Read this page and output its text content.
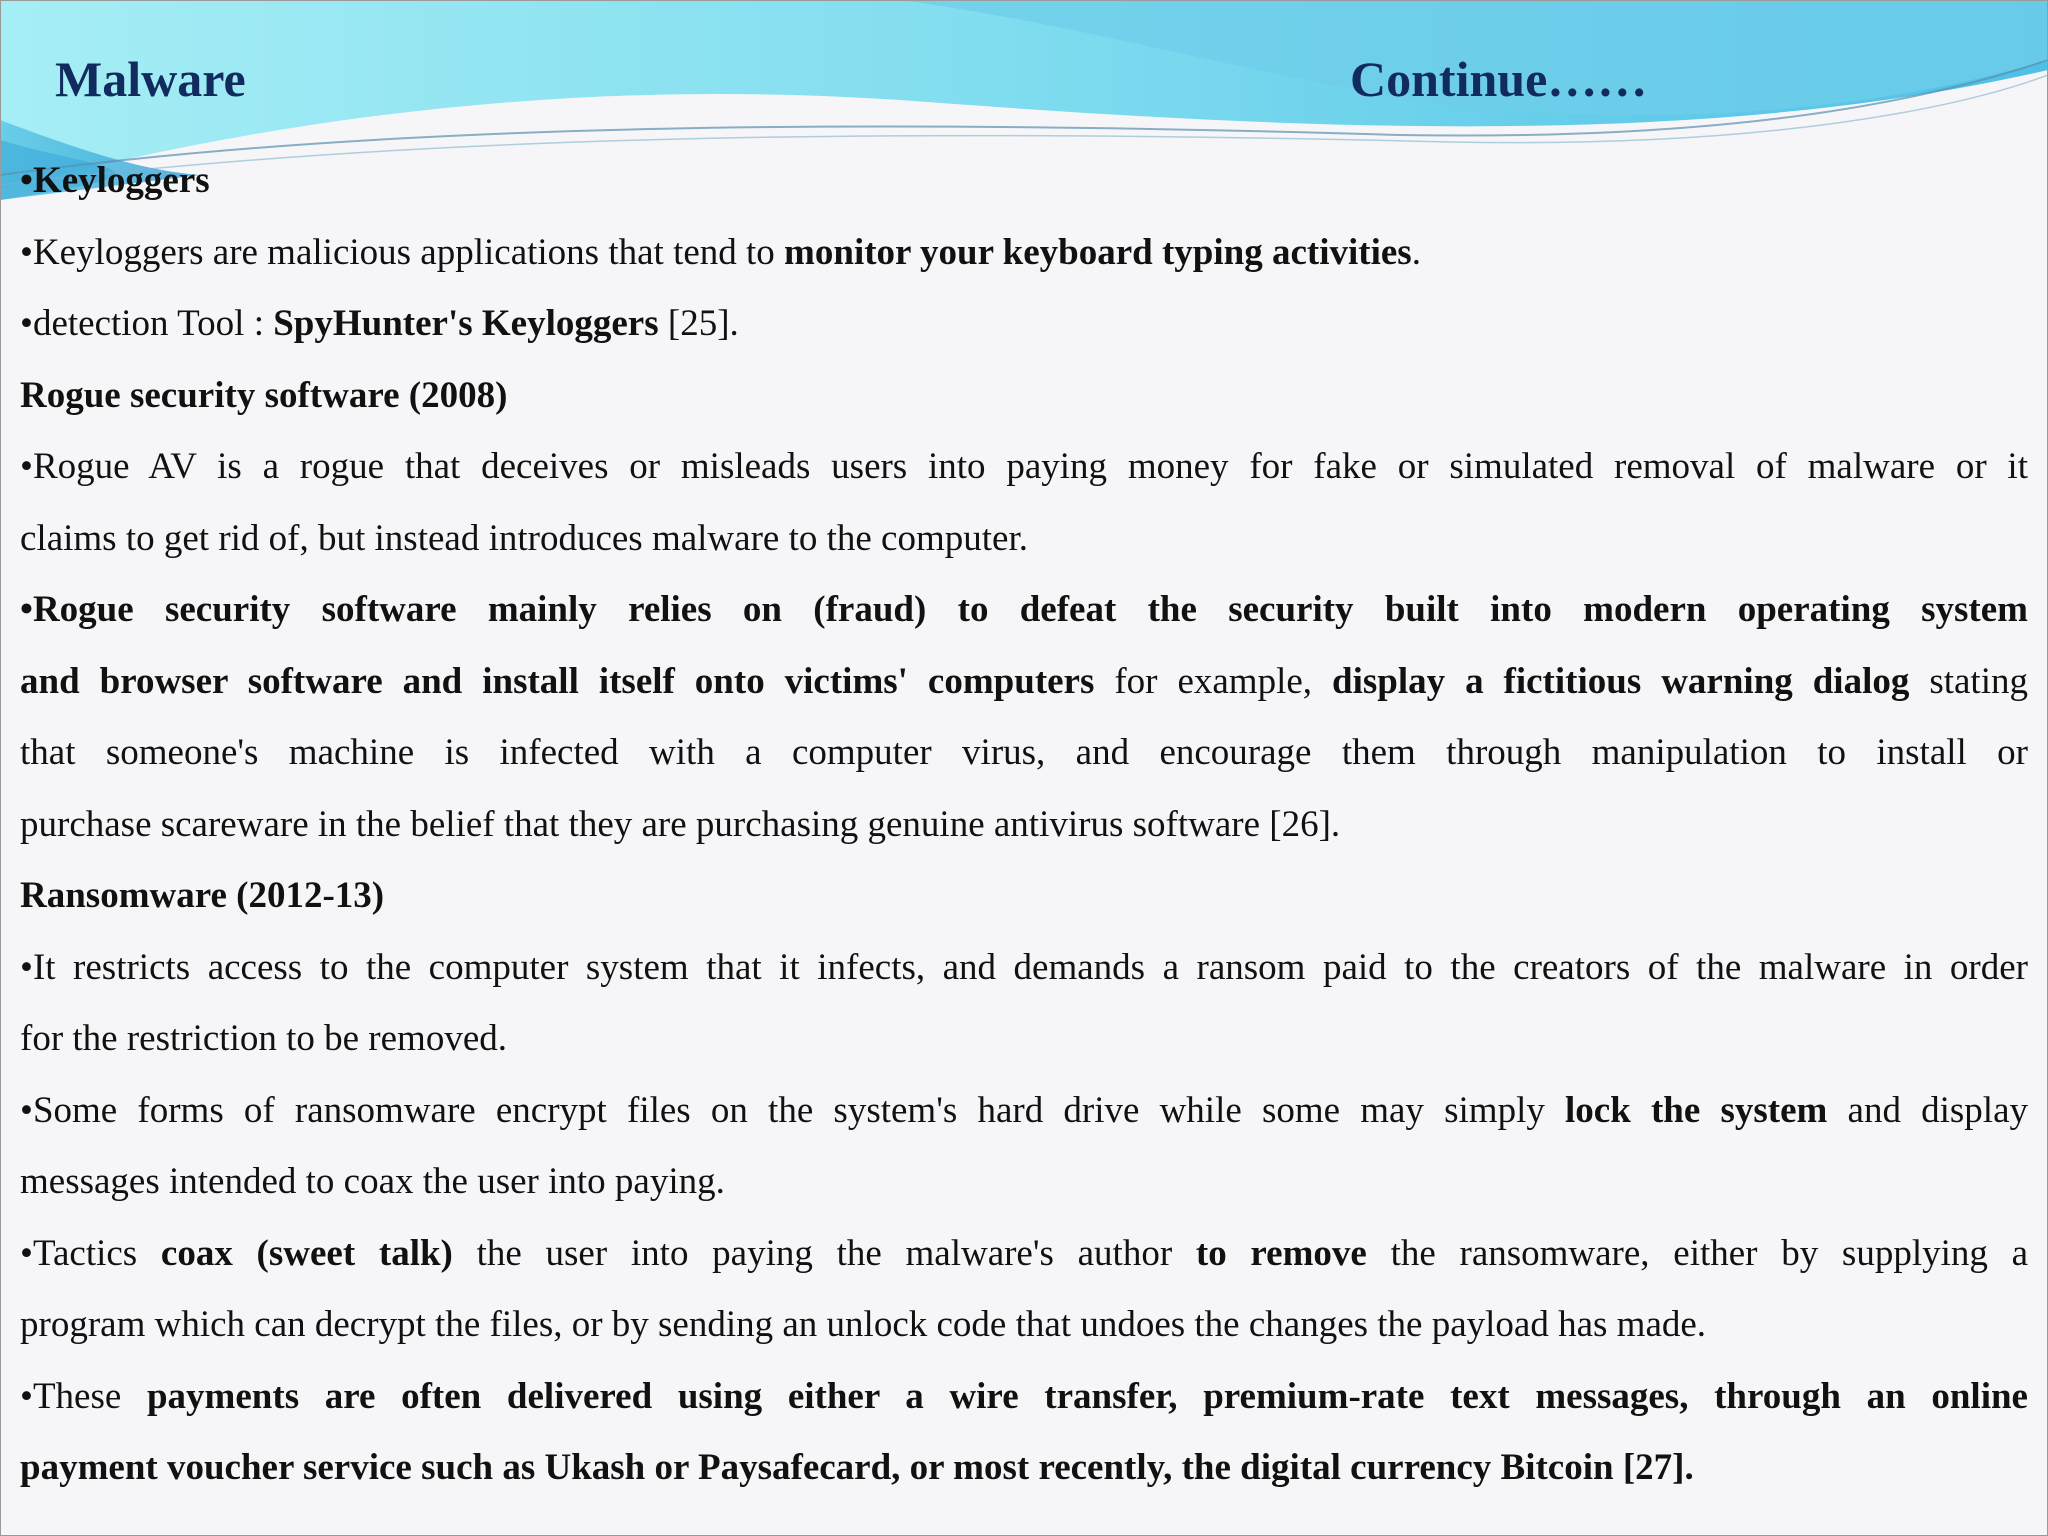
Malware	Continue……

•Keyloggers

•Keyloggers are malicious applications that tend to monitor your keyboard typing activities.

•detection Tool : SpyHunter's Keyloggers [25].

Rogue security software (2008)

•Rogue AV is a rogue that deceives or misleads users into paying money for fake or simulated removal of malware or it

claims to get rid of, but instead introduces malware to the computer.

•Rogue security software mainly relies on (fraud) to defeat the security built into modern operating system

and browser software and install itself onto victims' computers for example, display a fictitious warning dialog stating

that someone's machine is infected with a computer virus, and encourage them through manipulation to install or

purchase scareware in the belief that they are purchasing genuine antivirus software [26].

Ransomware (2012-13)

•It restricts access to the computer system that it infects, and demands a ransom paid to the creators of the malware in order

for the restriction to be removed.

•Some forms of ransomware encrypt files on the system's hard drive while some may simply lock the system and display

messages intended to coax the user into paying.

•Tactics coax (sweet talk) the user into paying the malware's author to remove the ransomware, either by supplying a

program which can decrypt the files, or by sending an unlock code that undoes the changes the payload has made.

•These payments are often delivered using either a wire transfer, premium-rate text messages, through an online

payment voucher service such as Ukash or Paysafecard, or most recently, the digital currency Bitcoin [27].
